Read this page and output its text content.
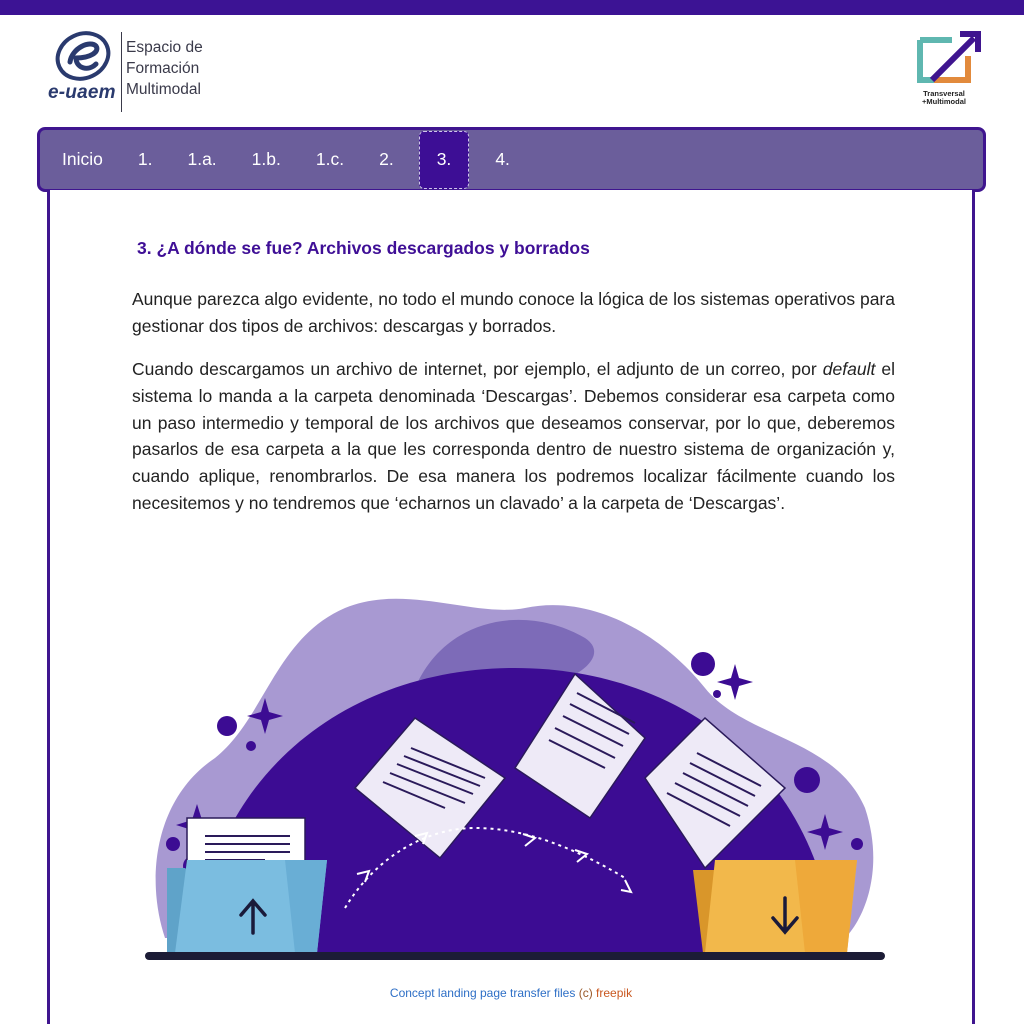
e-uaem
Espacio de
Formación
Multimodal	Transversal
+Multimodal
Inicio	1.	1.a.	1.b.	1.c.	2.	3.	4.
3. ¿A dónde se fue? Archivos descargados y borrados

Aunque parezca algo evidente, no todo el mundo conoce la lógica de los sistemas operativos para gestionar dos tipos de archivos: descargas y borrados.

Cuando descargamos un archivo de internet, por ejemplo, el adjunto de un correo, por default el sistema lo manda a la carpeta denominada ‘Descargas’. Debemos considerar esa carpeta como un paso intermedio y temporal de los archivos que deseamos conservar, por lo que, deberemos pasarlos de esa carpeta a la que les corresponda dentro de nuestro sistema de organización y, cuando aplique, renombrarlos. De esa manera los podremos localizar fácilmente cuando los necesitemos y no tendremos que ‘echarnos un clavado’ a la carpeta de ‘Descargas’.

Concept landing page transfer files (c) freepik
